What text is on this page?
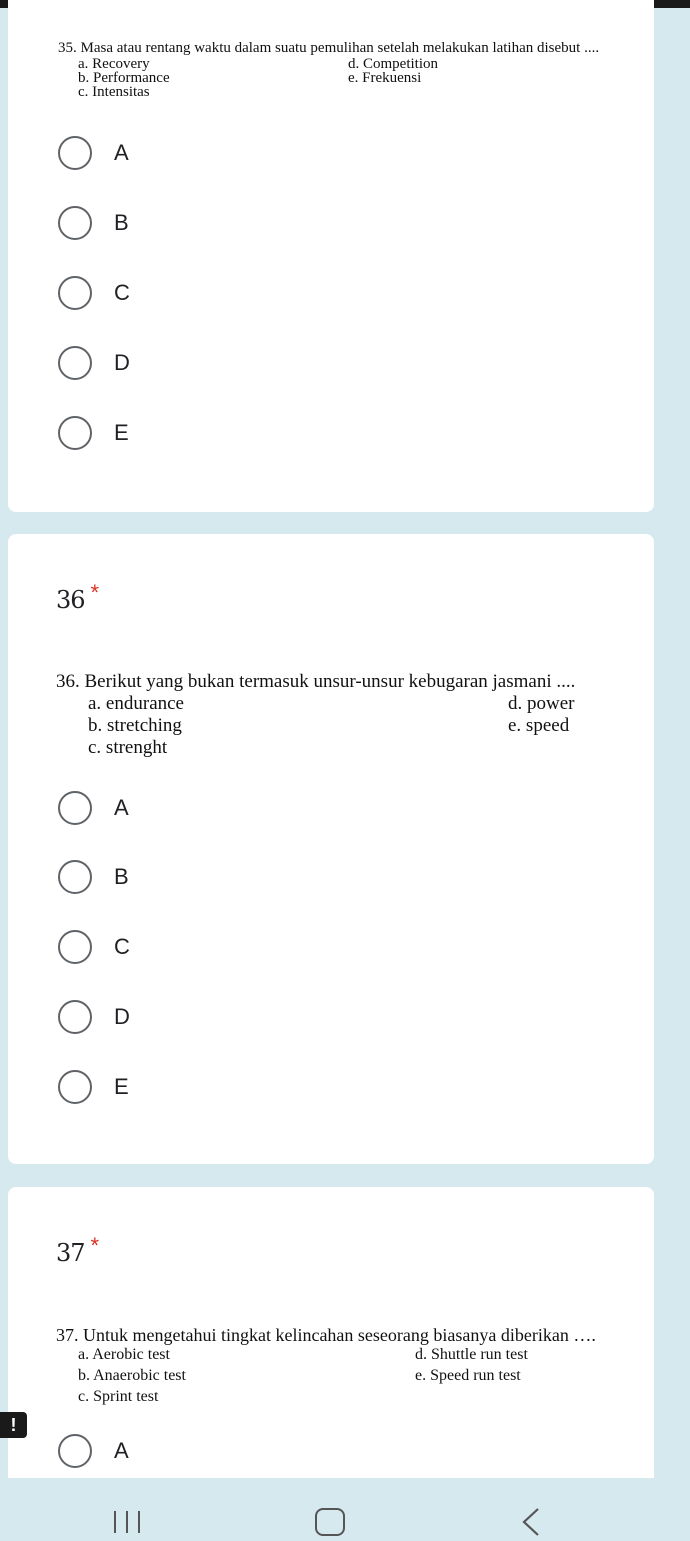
35. Masa atau rentang waktu dalam suatu pemulihan setelah melakukan latihan disebut ....
a. Recovery	d. Competition
b. Performance	e. Frekuensi
c. Intensitas
A
B
C
D
E
36 *
36. Berikut yang bukan termasuk unsur-unsur kebugaran jasmani ....
a. endurance	d. power
b. stretching	e. speed
c. strenght
A
B
C
D
E
37 *
37. Untuk mengetahui tingkat kelincahan seseorang biasanya diberikan ….
a. Aerobic test	d. Shuttle run test
b. Anaerobic test	e. Speed run test
c. Sprint test
A
!
